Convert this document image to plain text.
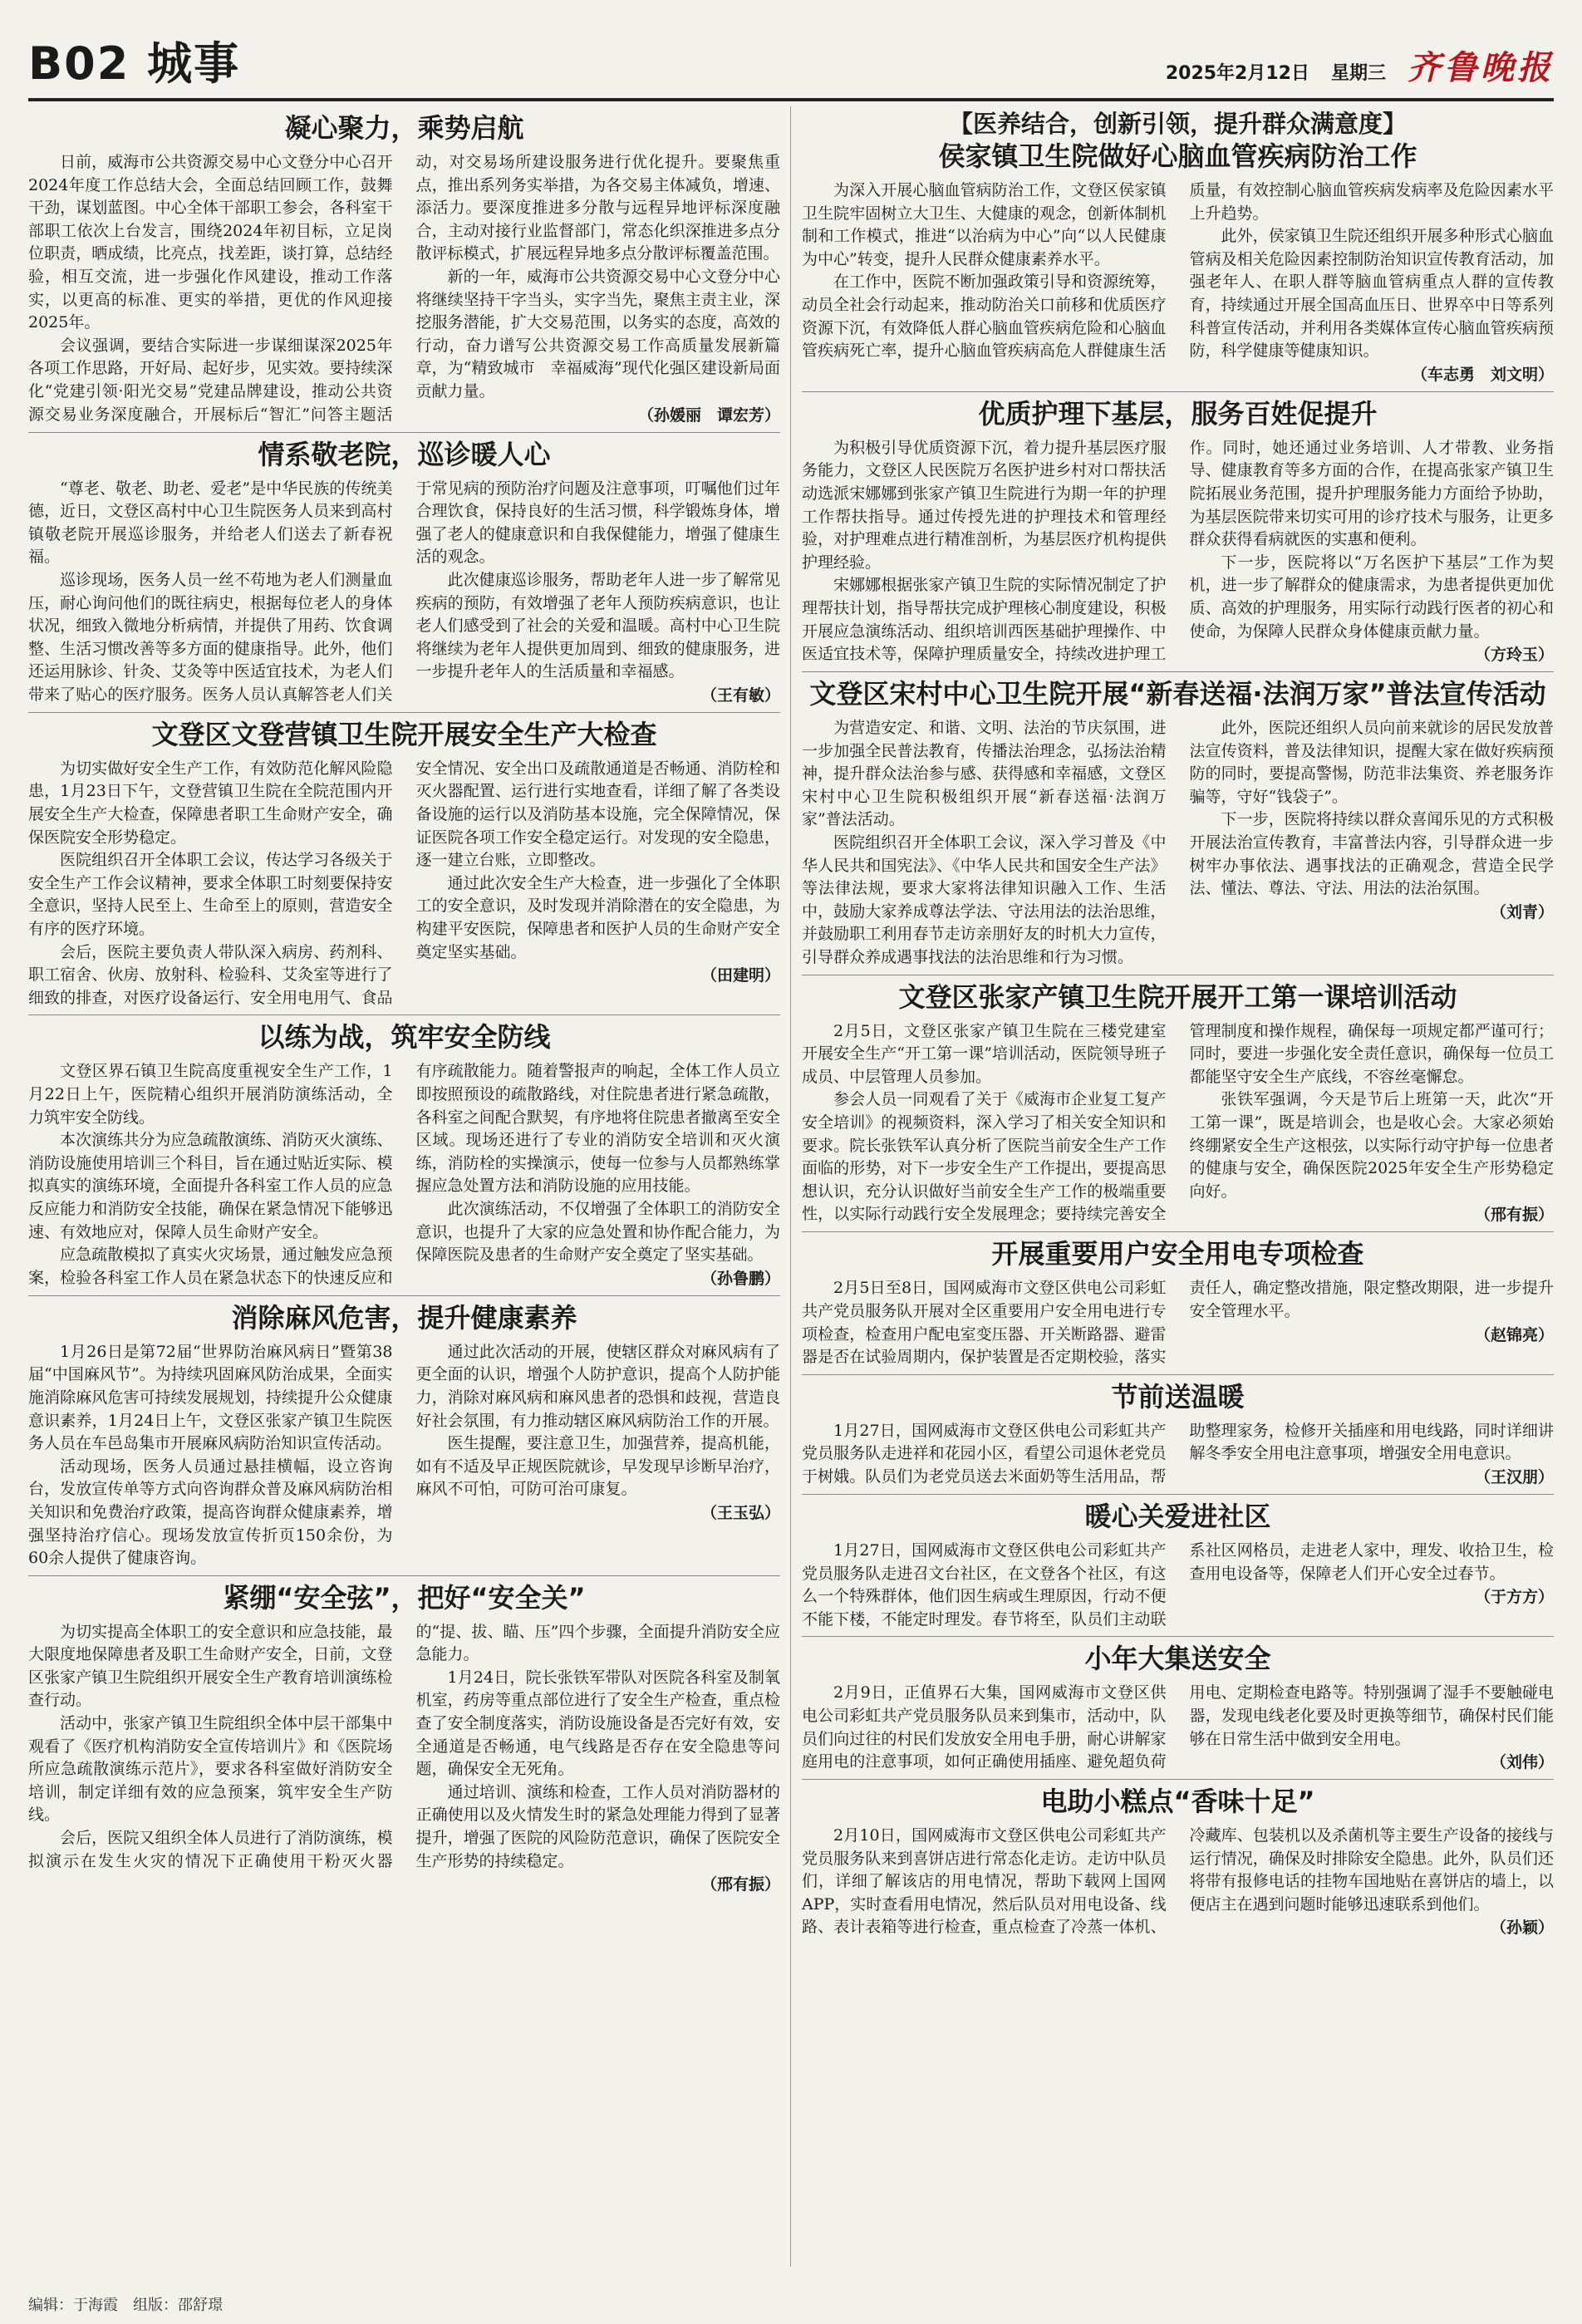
B02 城事	2025年2月12日 星期三 齐鲁晚报
凝心聚力，乘势启航

日前，威海市公共资源交易中心文登分中心召开2024年度工作总结大会，全面总结回顾工作，鼓舞干劲，谋划蓝图。中心全体干部职工参会，各科室干部职工依次上台发言，围绕2024年初目标，立足岗位职责，晒成绩，比亮点，找差距，谈打算，总结经验，相互交流，进一步强化作风建设，推动工作落实，以更高的标准、更实的举措，更优的作风迎接2025年。

会议强调，要结合实际进一步谋细谋深2025年各项工作思路，开好局、起好步，见实效。要持续深化“党建引领·阳光交易”党建品牌建设，推动公共资源交易业务深度融合，开展标后“智汇”问答主题活动，对交易场所建设服务进行优化提升。要聚焦重点，推出系列务实举措，为各交易主体减负，增速、添活力。要深度推进多分散与远程异地评标深度融合，主动对接行业监督部门，常态化织深推进多点分散评标模式，扩展远程异地多点分散评标覆盖范围。

新的一年，威海市公共资源交易中心文登分中心将继续坚持干字当头，实字当先，聚焦主责主业，深挖服务潜能，扩大交易范围，以务实的态度，高效的行动，奋力谱写公共资源交易工作高质量发展新篇章，为“精致城市　幸福威海”现代化强区建设新局面贡献力量。

（孙媛丽　谭宏芳）
情系敬老院，巡诊暖人心

“尊老、敬老、助老、爱老”是中华民族的传统美德，近日，文登区高村中心卫生院医务人员来到高村镇敬老院开展巡诊服务，并给老人们送去了新春祝福。

巡诊现场，医务人员一丝不苟地为老人们测量血压，耐心询问他们的既往病史，根据每位老人的身体状况，细致入微地分析病情，并提供了用药、饮食调整、生活习惯改善等多方面的健康指导。此外，他们还运用脉诊、针灸、艾灸等中医适宜技术，为老人们带来了贴心的医疗服务。医务人员认真解答老人们关于常见病的预防治疗问题及注意事项，叮嘱他们过年合理饮食，保持良好的生活习惯，科学锻炼身体，增强了老人的健康意识和自我保健能力，增强了健康生活的观念。

此次健康巡诊服务，帮助老年人进一步了解常见疾病的预防，有效增强了老年人预防疾病意识，也让老人们感受到了社会的关爱和温暖。高村中心卫生院将继续为老年人提供更加周到、细致的健康服务，进一步提升老年人的生活质量和幸福感。

（王有敏）
文登区文登营镇卫生院开展安全生产大检查

为切实做好安全生产工作，有效防范化解风险隐患，1月23日下午，文登营镇卫生院在全院范围内开展安全生产大检查，保障患者职工生命财产安全，确保医院安全形势稳定。

医院组织召开全体职工会议，传达学习各级关于安全生产工作会议精神，要求全体职工时刻要保持安全意识，坚持人民至上、生命至上的原则，营造安全有序的医疗环境。

会后，医院主要负责人带队深入病房、药剂科、职工宿舍、伙房、放射科、检验科、艾灸室等进行了细致的排查，对医疗设备运行、安全用电用气、食品安全情况、安全出口及疏散通道是否畅通、消防栓和灭火器配置、运行进行实地查看，详细了解了各类设备设施的运行以及消防基本设施，完全保障情况，保证医院各项工作安全稳定运行。对发现的安全隐患，逐一建立台账，立即整改。

通过此次安全生产大检查，进一步强化了全体职工的安全意识，及时发现并消除潜在的安全隐患，为构建平安医院，保障患者和医护人员的生命财产安全奠定坚实基础。

（田建明）
以练为战，筑牢安全防线

文登区界石镇卫生院高度重视安全生产工作，1月22日上午，医院精心组织开展消防演练活动，全力筑牢安全防线。

本次演练共分为应急疏散演练、消防灭火演练、消防设施使用培训三个科目，旨在通过贴近实际、模拟真实的演练环境，全面提升各科室工作人员的应急反应能力和消防安全技能，确保在紧急情况下能够迅速、有效地应对，保障人员生命财产安全。

应急疏散模拟了真实火灾场景，通过触发应急预案，检验各科室工作人员在紧急状态下的快速反应和有序疏散能力。随着警报声的响起，全体工作人员立即按照预设的疏散路线，对住院患者进行紧急疏散，各科室之间配合默契，有序地将住院患者撤离至安全区域。现场还进行了专业的消防安全培训和灭火演练，消防栓的实操演示，使每一位参与人员都熟练掌握应急处置方法和消防设施的应用技能。

此次演练活动，不仅增强了全体职工的消防安全意识，也提升了大家的应急处置和协作配合能力，为保障医院及患者的生命财产安全奠定了坚实基础。

（孙鲁鹏）
消除麻风危害，提升健康素养

1月26日是第72届“世界防治麻风病日”暨第38届“中国麻风节”。为持续巩固麻风防治成果，全面实施消除麻风危害可持续发展规划，持续提升公众健康意识素养，1月24日上午，文登区张家产镇卫生院医务人员在车邑岛集市开展麻风病防治知识宣传活动。

活动现场，医务人员通过悬挂横幅，设立咨询台，发放宣传单等方式向咨询群众普及麻风病防治相关知识和免费治疗政策，提高咨询群众健康素养，增强坚持治疗信心。现场发放宣传折页150余份，为60余人提供了健康咨询。

通过此次活动的开展，使辖区群众对麻风病有了更全面的认识，增强个人防护意识，提高个人防护能力，消除对麻风病和麻风患者的恐惧和歧视，营造良好社会氛围，有力推动辖区麻风病防治工作的开展。

医生提醒，要注意卫生，加强营养，提高机能，如有不适及早正规医院就诊，早发现早诊断早治疗，麻风不可怕，可防可治可康复。

（王玉弘）
紧绷“安全弦”，把好“安全关”

为切实提高全体职工的安全意识和应急技能，最大限度地保障患者及职工生命财产安全，日前，文登区张家产镇卫生院组织开展安全生产教育培训演练检查行动。

活动中，张家产镇卫生院组织全体中层干部集中观看了《医疗机构消防安全宣传培训片》和《医院场所应急疏散演练示范片》，要求各科室做好消防安全培训，制定详细有效的应急预案，筑牢安全生产防线。

会后，医院又组织全体人员进行了消防演练，模拟演示在发生火灾的情况下正确使用干粉灭火器的“提、拔、瞄、压”四个步骤，全面提升消防安全应急能力。

1月24日，院长张铁军带队对医院各科室及制氧机室，药房等重点部位进行了安全生产检查，重点检查了安全制度落实，消防设施设备是否完好有效，安全通道是否畅通，电气线路是否存在安全隐患等问题，确保安全无死角。

通过培训、演练和检查，工作人员对消防器材的正确使用以及火情发生时的紧急处理能力得到了显著提升，增强了医院的风险防范意识，确保了医院安全生产形势的持续稳定。

（邢有振）
【医养结合，创新引领，提升群众满意度】
侯家镇卫生院做好心脑血管疾病防治工作

为深入开展心脑血管病防治工作，文登区侯家镇卫生院牢固树立大卫生、大健康的观念，创新体制机制和工作模式，推进“以治病为中心”向“以人民健康为中心”转变，提升人民群众健康素养水平。

在工作中，医院不断加强政策引导和资源统筹，动员全社会行动起来，推动防治关口前移和优质医疗资源下沉，有效降低人群心脑血管疾病危险和心脑血管疾病死亡率，提升心脑血管疾病高危人群健康生活质量，有效控制心脑血管疾病发病率及危险因素水平上升趋势。

此外，侯家镇卫生院还组织开展多种形式心脑血管病及相关危险因素控制防治知识宣传教育活动，加强老年人、在职人群等脑血管病重点人群的宣传教育，持续通过开展全国高血压日、世界卒中日等系列科普宣传活动，并利用各类媒体宣传心脑血管疾病预防，科学健康等健康知识。

（车志勇　刘文明）
优质护理下基层，服务百姓促提升

为积极引导优质资源下沉，着力提升基层医疗服务能力，文登区人民医院万名医护进乡村对口帮扶活动选派宋娜娜到张家产镇卫生院进行为期一年的护理工作帮扶指导。通过传授先进的护理技术和管理经验，对护理难点进行精准剖析，为基层医疗机构提供护理经验。

宋娜娜根据张家产镇卫生院的实际情况制定了护理帮扶计划，指导帮扶完成护理核心制度建设，积极开展应急演练活动、组织培训西医基础护理操作、中医适宜技术等，保障护理质量安全，持续改进护理工作。同时，她还通过业务培训、人才带教、业务指导、健康教育等多方面的合作，在提高张家产镇卫生院拓展业务范围，提升护理服务能力方面给予协助，为基层医院带来切实可用的诊疗技术与服务，让更多群众获得看病就医的实惠和便利。

下一步，医院将以“万名医护下基层”工作为契机，进一步了解群众的健康需求，为患者提供更加优质、高效的护理服务，用实际行动践行医者的初心和使命，为保障人民群众身体健康贡献力量。

（方玲玉）
文登区宋村中心卫生院开展“新春送福·法润万家”普法宣传活动

为营造安定、和谐、文明、法治的节庆氛围，进一步加强全民普法教育，传播法治理念，弘扬法治精神，提升群众法治参与感、获得感和幸福感，文登区宋村中心卫生院积极组织开展“新春送福·法润万家”普法活动。

医院组织召开全体职工会议，深入学习普及《中华人民共和国宪法》、《中华人民共和国安全生产法》等法律法规，要求大家将法律知识融入工作、生活中，鼓励大家养成尊法学法、守法用法的法治思维，并鼓励职工利用春节走访亲朋好友的时机大力宣传，引导群众养成遇事找法的法治思维和行为习惯。

此外，医院还组织人员向前来就诊的居民发放普法宣传资料，普及法律知识，提醒大家在做好疾病预防的同时，要提高警惕，防范非法集资、养老服务诈骗等，守好“钱袋子”。

下一步，医院将持续以群众喜闻乐见的方式积极开展法治宣传教育，丰富普法内容，引导群众进一步树牢办事依法、遇事找法的正确观念，营造全民学法、懂法、尊法、守法、用法的法治氛围。

（刘青）
文登区张家产镇卫生院开展开工第一课培训活动

2月5日，文登区张家产镇卫生院在三楼党建室开展安全生产“开工第一课”培训活动，医院领导班子成员、中层管理人员参加。

参会人员一同观看了关于《威海市企业复工复产安全培训》的视频资料，深入学习了相关安全知识和要求。院长张铁军认真分析了医院当前安全生产工作面临的形势，对下一步安全生产工作提出，要提高思想认识，充分认识做好当前安全生产工作的极端重要性，以实际行动践行安全发展理念；要持续完善安全管理制度和操作规程，确保每一项规定都严谨可行；同时，要进一步强化安全责任意识，确保每一位员工都能坚守安全生产底线，不容丝毫懈怠。

张铁军强调，今天是节后上班第一天，此次“开工第一课”，既是培训会，也是收心会。大家必须始终绷紧安全生产这根弦，以实际行动守护每一位患者的健康与安全，确保医院2025年安全生产形势稳定向好。

（邢有振）
开展重要用户安全用电专项检查

2月5日至8日，国网威海市文登区供电公司彩虹共产党员服务队开展对全区重要用户安全用电进行专项检查，检查用户配电室变压器、开关断路器、避雷器是否在试验周期内，保护装置是否定期校验，落实责任人，确定整改措施，限定整改期限，进一步提升安全管理水平。

（赵锦亮）
节前送温暖

1月27日，国网威海市文登区供电公司彩虹共产党员服务队走进祥和花园小区，看望公司退休老党员于树娥。队员们为老党员送去米面奶等生活用品，帮助整理家务，检修开关插座和用电线路，同时详细讲解冬季安全用电注意事项，增强安全用电意识。

（王汉朋）
暖心关爱进社区

1月27日，国网威海市文登区供电公司彩虹共产党员服务队走进召文台社区，在文登各个社区，有这么一个特殊群体，他们因生病或生理原因，行动不便不能下楼，不能定时理发。春节将至，队员们主动联系社区网格员，走进老人家中，理发、收拾卫生，检查用电设备等，保障老人们开心安全过春节。

（于方方）
小年大集送安全

2月9日，正值界石大集，国网威海市文登区供电公司彩虹共产党员服务队员来到集市，活动中，队员们向过往的村民们发放安全用电手册，耐心讲解家庭用电的注意事项，如何正确使用插座、避免超负荷用电、定期检查电路等。特别强调了湿手不要触碰电器，发现电线老化要及时更换等细节，确保村民们能够在日常生活中做到安全用电。

（刘伟）
电助小糕点“香味十足”

2月10日，国网威海市文登区供电公司彩虹共产党员服务队来到喜饼店进行常态化走访。走访中队员们，详细了解该店的用电情况，帮助下载网上国网APP，实时查看用电情况，然后队员对用电设备、线路、表计表箱等进行检查，重点检查了冷蒸一体机、冷藏库、包装机以及杀菌机等主要生产设备的接线与运行情况，确保及时排除安全隐患。此外，队员们还将带有报修电话的挂物车国地贴在喜饼店的墙上，以便店主在遇到问题时能够迅速联系到他们。

（孙颖）
编辑：于海霞　组版：邵舒璟
